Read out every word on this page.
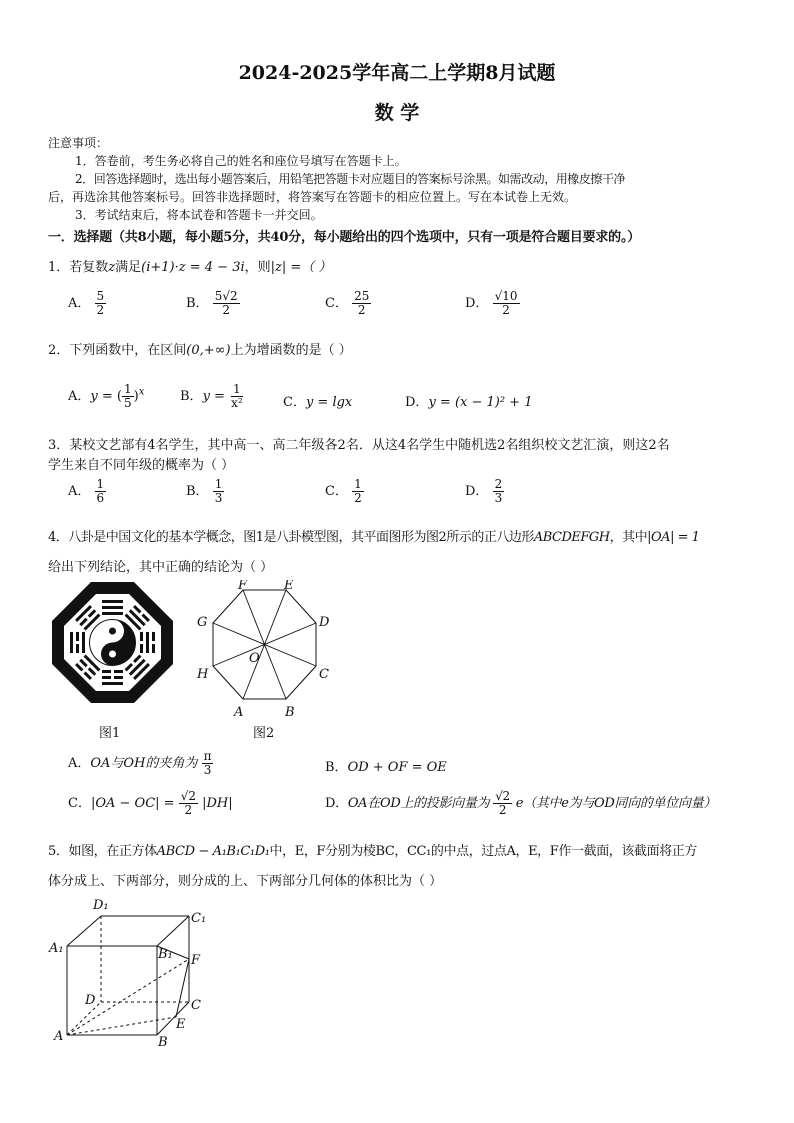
2024-2025学年高二上学期8月试题
数 学
注意事项：
1．答卷前，考生务必将自己的姓名和座位号填写在答题卡上。
2．回答选择题时，选出每小题答案后，用铅笔把答题卡对应题目的答案标号涂黑。如需改动，用橡皮擦干净
后，再选涂其他答案标号。回答非选择题时，将答案写在答题卡的相应位置上。写在本试卷上无效。
3．考试结束后，将本试卷和答题卡一并交回。
一．选择题（共8小题，每小题5分，共40分，每小题给出的四个选项中，只有一项是符合题目要求的。）
1．若复数z满足(i+1)·z = 4 − 3i，则|z| =（ ）
A． $\frac{5}{2}$	B． $\frac{5√2}{2}$	C． $\frac{25}{2}$	D． $\frac{√10}{2}$
2．下列函数中，在区间(0,+∞)上为增函数的是（ ）
A．y = ( $\frac{1}{5} )^x$	B．$y = \frac{1}{\text{x²}}$	C．y = lgx	D．y = (x − 1)² + 1
3．某校文艺部有4名学生，其中高一、高二年级各2名．从这4名学生中随机选2名组织校文艺汇演，则这2名
学生来自不同年级的概率为（ ）
A． $\frac{1}{6}$	B． $\frac{1}{3}$	C． $\frac{1}{2}$	D． $\frac{2}{3}$
4．八卦是中国文化的基本学概念，图1是八卦模型图，其平面图形为图2所示的正八边形ABCDEFGH，其中|OA| = 1
给出下列结论，其中正确的结论为（ ）
图1
F	E
D
C
B
A
H
G
O
图2
A．OA与OH的夹角为 $\frac{\pi}{3}$	B．OD + OF = OE
C．$|OA - OC| = \frac{√2}{2} |DH|$	D．OA在OD上的投影向量为 $\frac{√2}{2} e$（其中e为与OD同向的单位向量）
5．如图，在正方体ABCD − A₁B₁C₁D₁中，E，F分别为棱BC，CC₁的中点，过点A，E，F作一截面，该截面将正方
体分成上、下两部分，则分成的上、下两部分几何体的体积比为（ ）
D₁
C₁
A₁	B₁ F
D	C
E
A	B
